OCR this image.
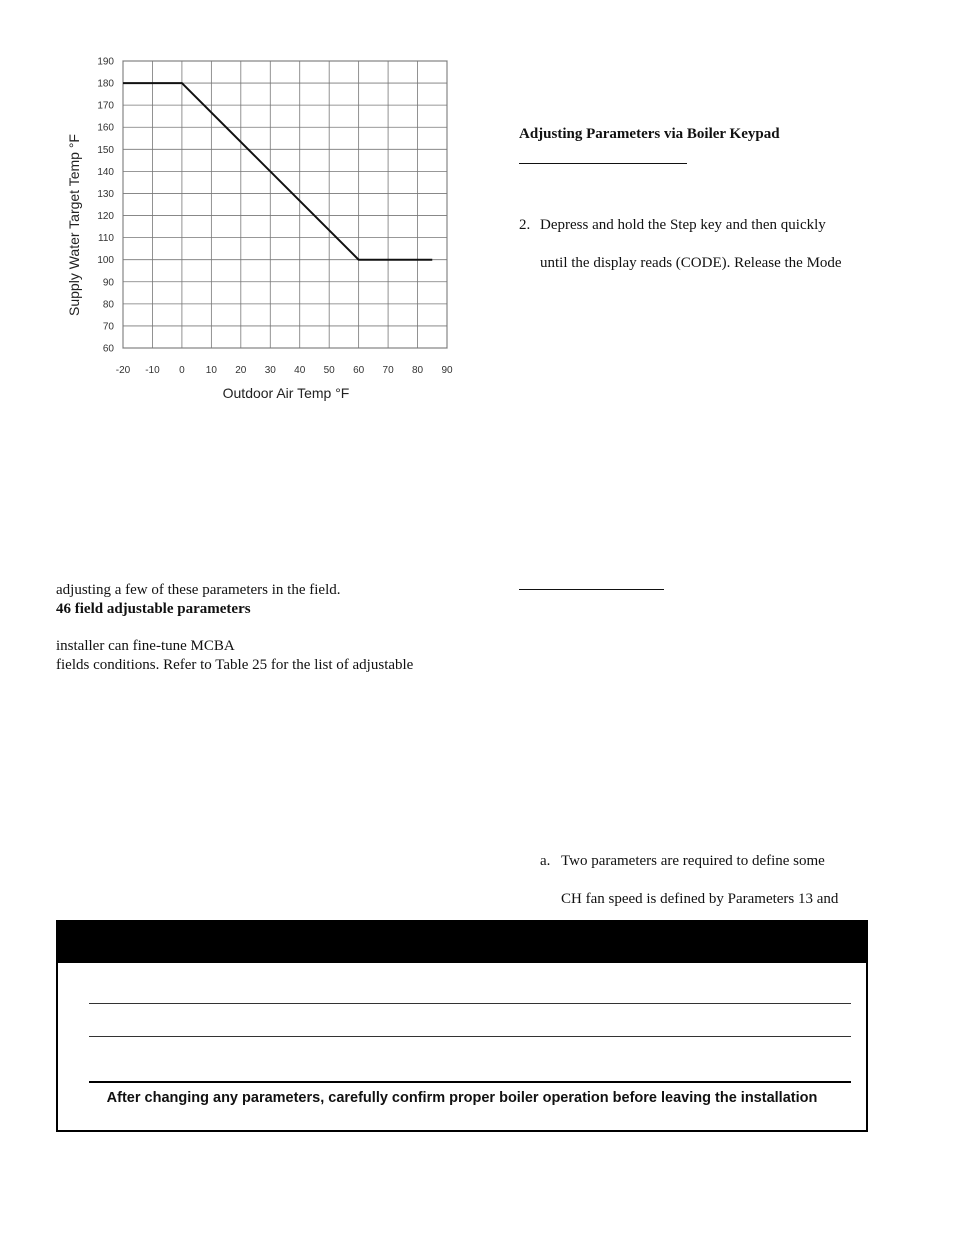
190
180
170
160
150
140
130
120
110
100
90
80
70
60
-20 -10 0 10 20 30 40 50 60 70 80 90
Supply Water Target Temp °F
Outdoor Air Temp °F
Adjusting Parameters via Boiler Keypad
2. Depress and hold the Step key and then quickly
until the display reads (CODE). Release the Mode
a. Two parameters are required to define some
CH fan speed is defined by Parameters 13 and
adjusting a few of these parameters in the field.
46 field adjustable parameters
installer can fine-tune MCBA
fields conditions. Refer to Table 25 for the list of adjustable
After changing any parameters, carefully confirm proper boiler operation before leaving the installation
